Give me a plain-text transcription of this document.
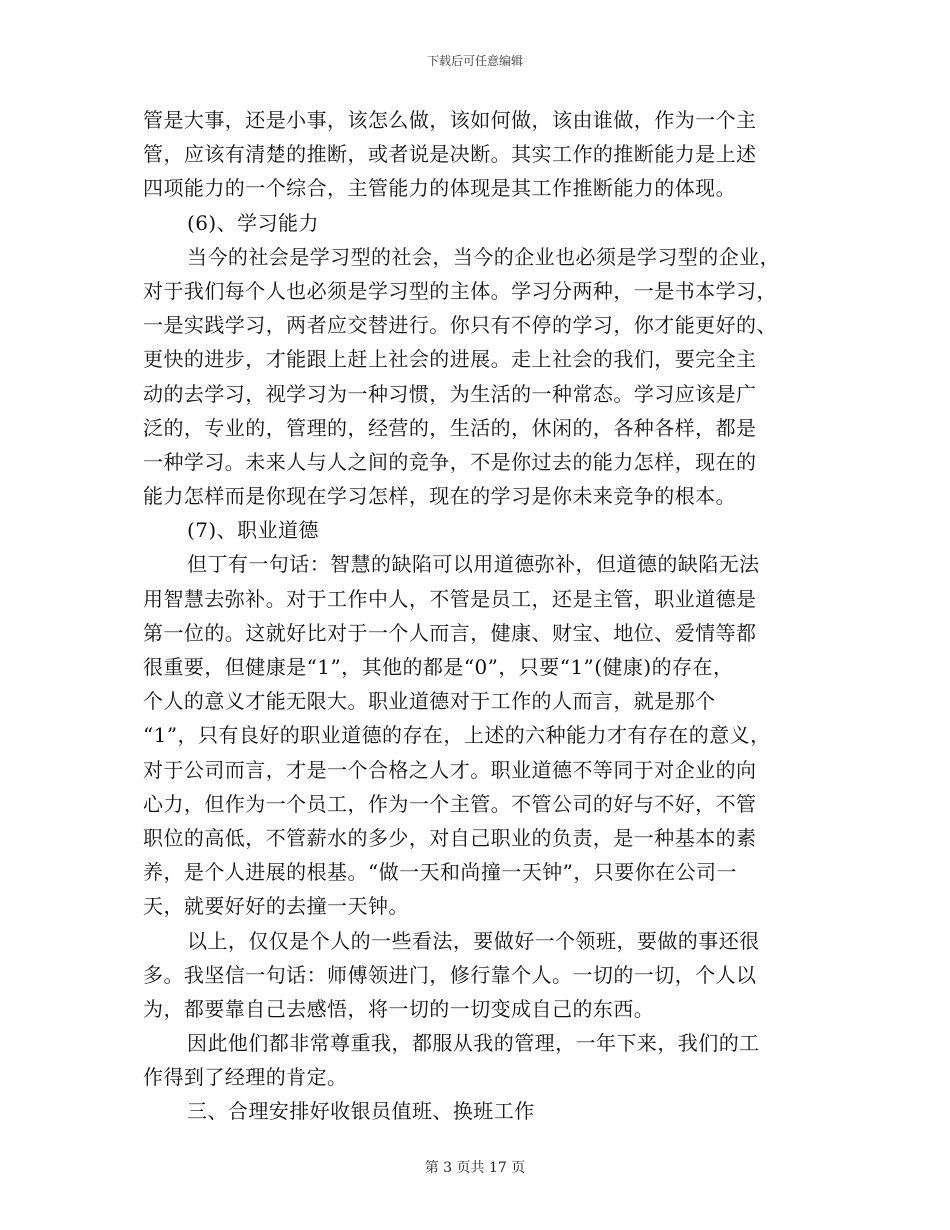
下载后可任意编辑
管是大事，还是小事，该怎么做，该如何做，该由谁做，作为一个主
管，应该有清楚的推断，或者说是决断。其实工作的推断能力是上述
四项能力的一个综合，主管能力的体现是其工作推断能力的体现。
(6)、学习能力
当今的社会是学习型的社会，当今的企业也必须是学习型的企业，
对于我们每个人也必须是学习型的主体。学习分两种，一是书本学习，
一是实践学习，两者应交替进行。你只有不停的学习，你才能更好的、
更快的进步，才能跟上赶上社会的进展。走上社会的我们，要完全主
动的去学习，视学习为一种习惯，为生活的一种常态。学习应该是广
泛的，专业的，管理的，经营的，生活的，休闲的，各种各样，都是
一种学习。未来人与人之间的竞争，不是你过去的能力怎样，现在的
能力怎样而是你现在学习怎样，现在的学习是你未来竞争的根本。
(7)、职业道德
但丁有一句话：智慧的缺陷可以用道德弥补，但道德的缺陷无法
用智慧去弥补。对于工作中人，不管是员工，还是主管，职业道德是
第一位的。这就好比对于一个人而言，健康、财宝、地位、爱情等都
很重要，但健康是“1”，其他的都是“0”，只要“1”(健康)的存在，
个人的意义才能无限大。职业道德对于工作的人而言，就是那个
“1”，只有良好的职业道德的存在，上述的六种能力才有存在的意义，
对于公司而言，才是一个合格之人才。职业道德不等同于对企业的向
心力，但作为一个员工，作为一个主管。不管公司的好与不好，不管
职位的高低，不管薪水的多少，对自己职业的负责，是一种基本的素
养，是个人进展的根基。“做一天和尚撞一天钟”，只要你在公司一
天，就要好好的去撞一天钟。
以上，仅仅是个人的一些看法，要做好一个领班，要做的事还很
多。我坚信一句话：师傅领进门，修行靠个人。一切的一切，个人以
为，都要靠自己去感悟，将一切的一切变成自己的东西。
因此他们都非常尊重我，都服从我的管理，一年下来，我们的工
作得到了经理的肯定。
三、合理安排好收银员值班、换班工作
第 3 页共 17 页
